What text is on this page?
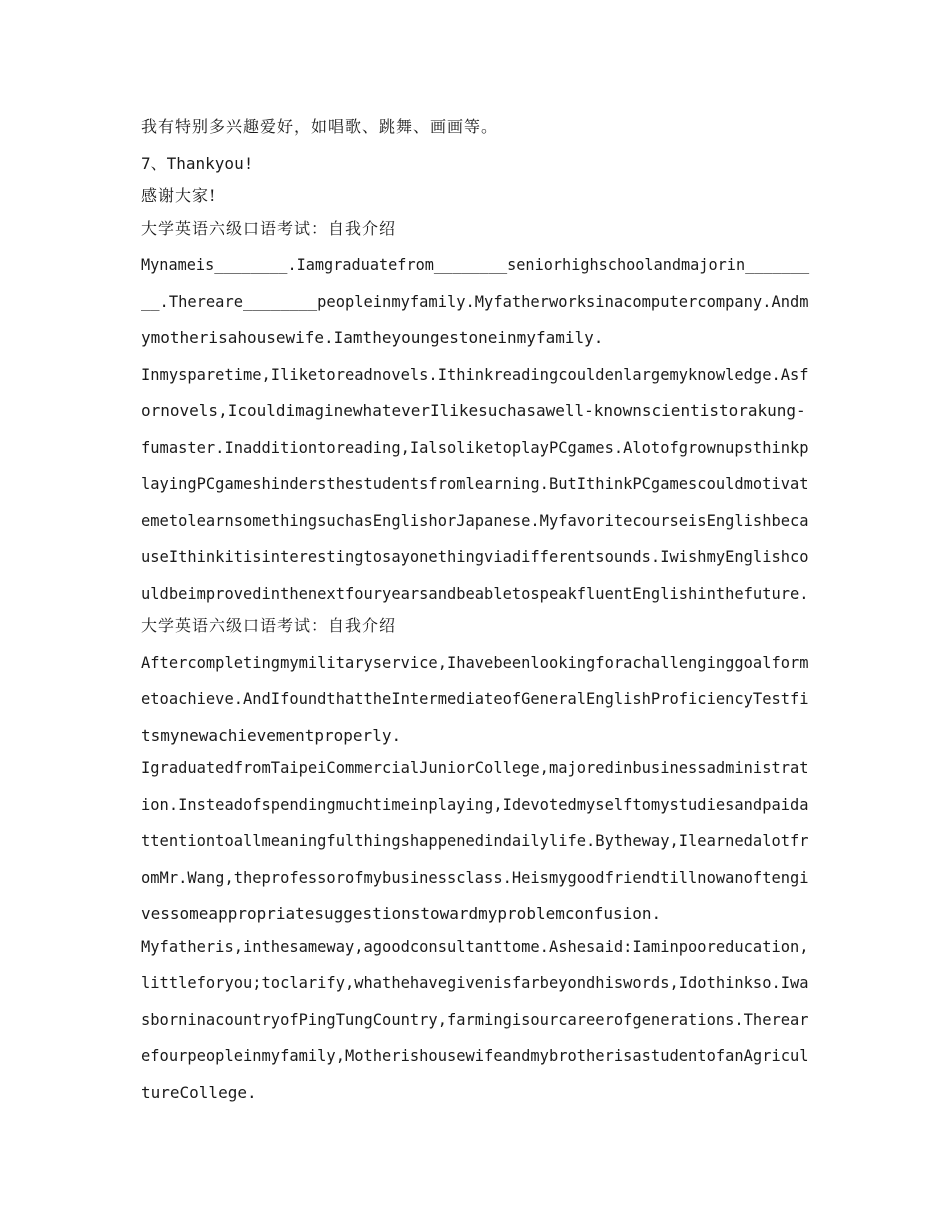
我有特别多兴趣爱好，如唱歌、跳舞、画画等。

7、Thankyou!

感谢大家!

大学英语六级口语考试：自我介绍

Mynameis________.Iamgraduatefrom________seniorhighschoolandmajorin_______

__.Thereare________peopleinmyfamily.Myfatherworksinacomputercompany.Andm

ymotherisahousewife.Iamtheyoungestoneinmyfamily.

Inmysparetime,Iliketoreadnovels.Ithinkreadingcouldenlargemyknowledge.Asf

ornovels,IcouldimaginewhateverIlikesuchasawell-knownscientistorakung-

fumaster.Inadditiontoreading,IalsoliketoplayPCgames.Alotofgrownupsthinkp

layingPCgameshindersthestudentsfromlearning.ButIthinkPCgamescouldmotivat

emetolearnsomethingsuchasEnglishorJapanese.MyfavoritecourseisEnglishbeca

useIthinkitisinterestingtosayonethingviadifferentsounds.IwishmyEnglishco

uldbeimprovedinthenextfouryearsandbeabletospeakfluentEnglishinthefuture.

大学英语六级口语考试：自我介绍

Aftercompletingmymilitaryservice,Ihavebeenlookingforachallenginggoalform

etoachieve.AndIfoundthattheIntermediateofGeneralEnglishProficiencyTestfi

tsmynewachievementproperly.

IgraduatedfromTaipeiCommercialJuniorCollege,majoredinbusinessadministrat

ion.Insteadofspendingmuchtimeinplaying,Idevotedmyselftomystudiesandpaida

ttentiontoallmeaningfulthingshappenedindailylife.Bytheway,Ilearnedalotfr

omMr.Wang,theprofessorofmybusinessclass.Heismygoodfriendtillnowanoftengi

vessomeappropriatesuggestionstowardmyproblemconfusion.

Myfatheris,inthesameway,agoodconsultanttome.Ashesaid:Iaminpooreducation,

littleforyou;toclarify,whathehavegivenisfarbeyondhiswords,Idothinkso.Iwa

sborninacountryofPingTungCountry,farmingisourcareerofgenerations.Therear

efourpeopleinmyfamily,MotherishousewifeandmybrotherisastudentofanAgricul

tureCollege.
